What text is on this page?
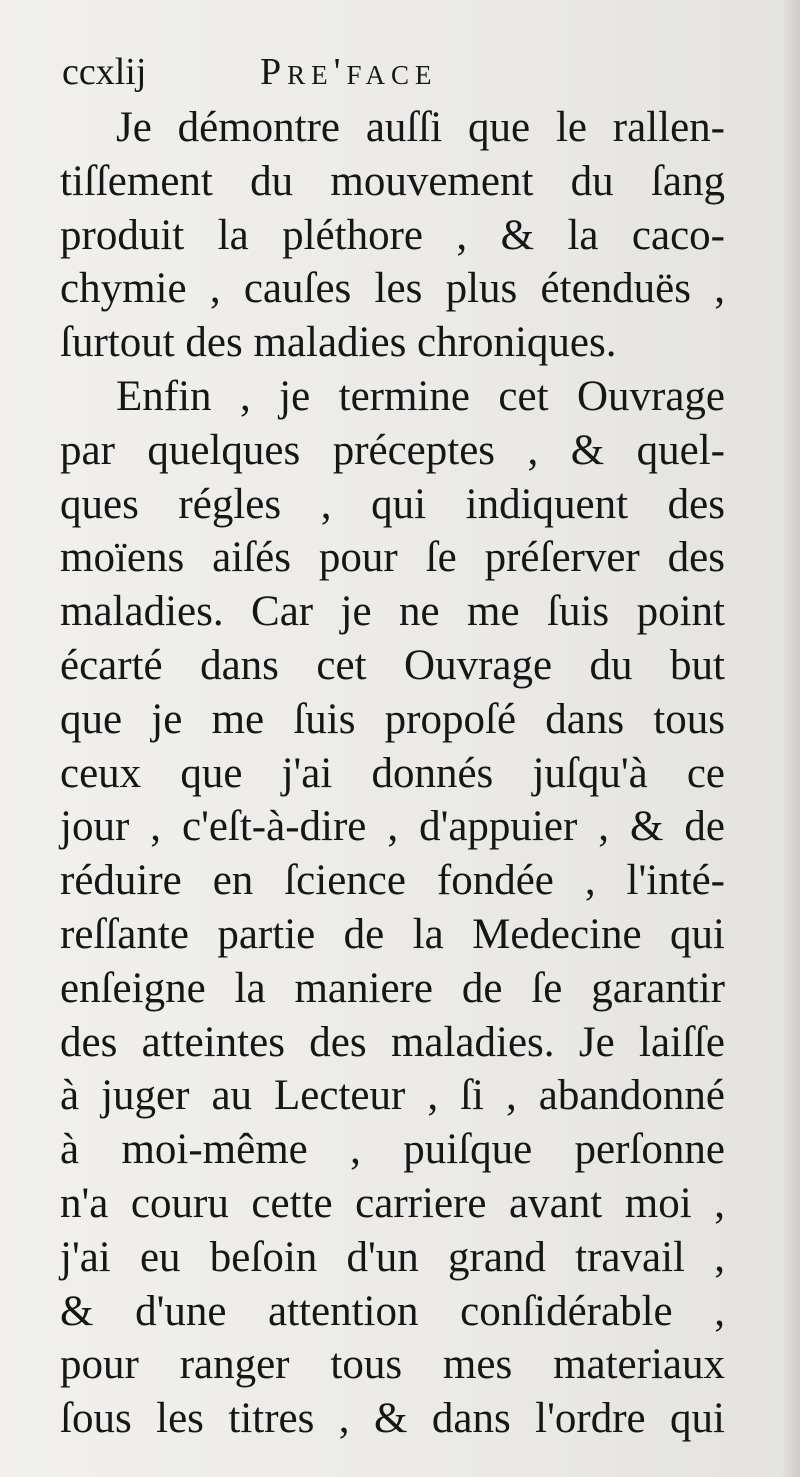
ccxlij	Pre'face
Je démontre auſſi que le rallen-
tiſſement du mouvement du ſang
produit la pléthore , & la caco-
chymie , cauſes les plus étenduës ,
ſurtout des maladies chroniques.
Enfin , je termine cet Ouvrage
par quelques préceptes , & quel-
ques régles , qui indiquent des
moïens aiſés pour ſe préſerver des
maladies. Car je ne me ſuis point
écarté dans cet Ouvrage du but
que je me ſuis propoſé dans tous
ceux que j'ai donnés juſqu'à ce
jour , c'eſt-à-dire , d'appuier , & de
réduire en ſcience fondée , l'inté-
reſſante partie de la Medecine qui
enſeigne la maniere de ſe garantir
des atteintes des maladies. Je laiſſe
à juger au Lecteur , ſi , abandonné
à moi-même , puiſque perſonne
n'a couru cette carriere avant moi ,
j'ai eu beſoin d'un grand travail ,
& d'une attention conſidérable ,
pour ranger tous mes materiaux
ſous les titres , & dans l'ordre qui
